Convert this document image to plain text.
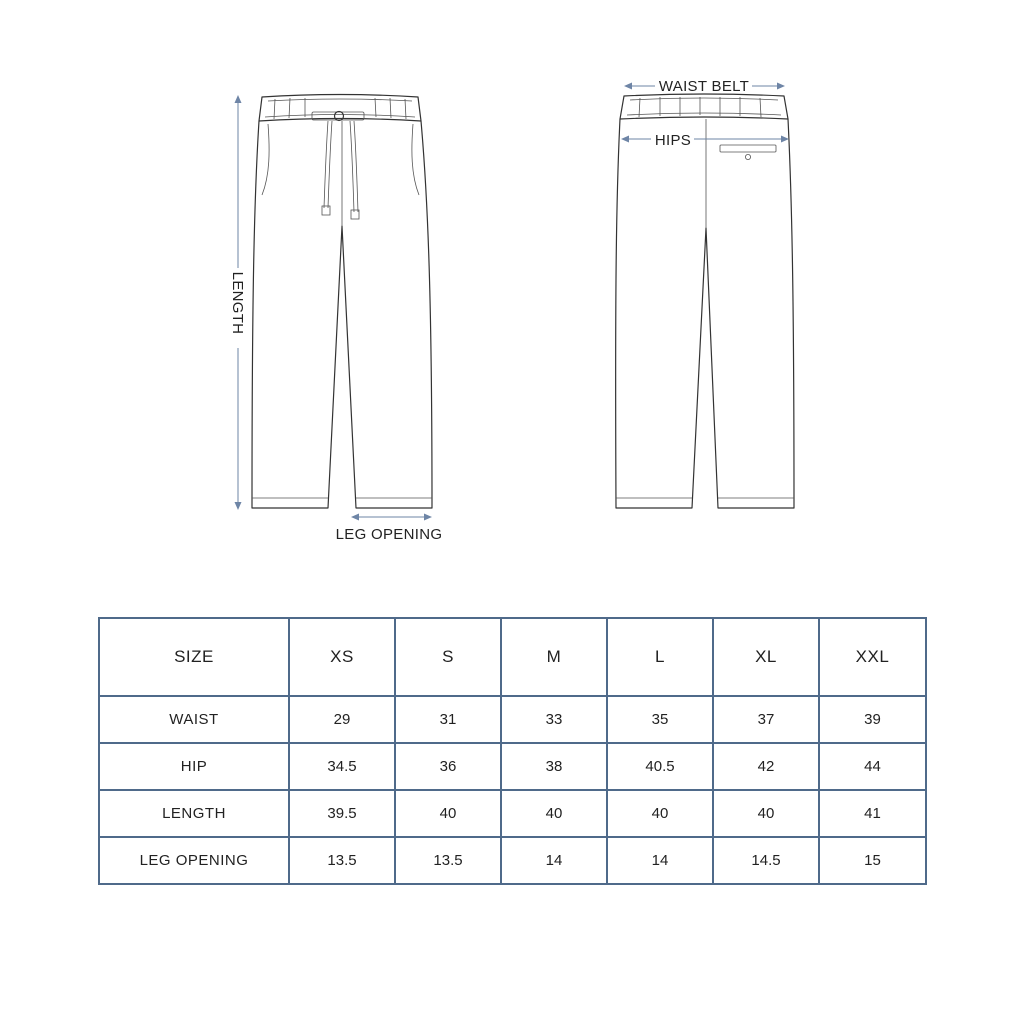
LENGTH
LEG OPENING
WAIST BELT
HIPS
SIZE	XS	S	M	L	XL	XXL
WAIST	29	31	33	35	37	39
HIP	34.5	36	38	40.5	42	44
LENGTH	39.5	40	40	40	40	41
LEG OPENING	13.5	13.5	14	14	14.5	15
